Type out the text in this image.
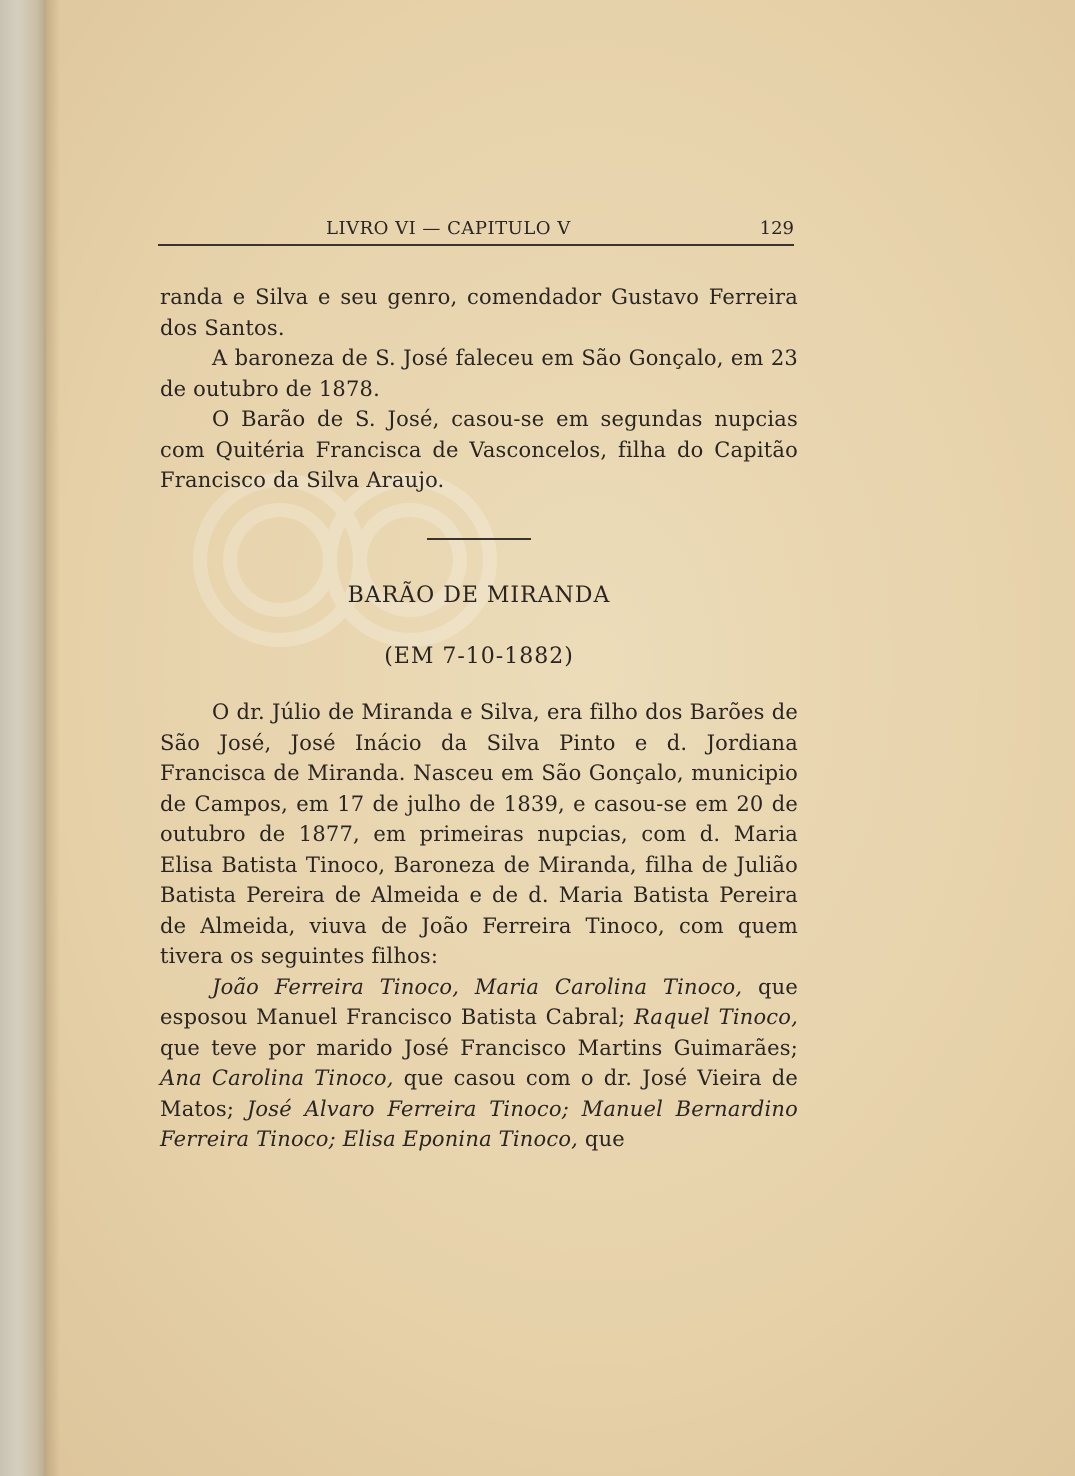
LIVRO VI — CAPITULO V	129

randa e Silva e seu genro, comendador Gustavo Ferreira dos Santos.

A baroneza de S. José faleceu em São Gonçalo, em 23 de outubro de 1878.

O Barão de S. José, casou-se em segundas nupcias com Quitéria Francisca de Vasconcelos, filha do Capitão Francisco da Silva Araujo.

BARÃO DE MIRANDA
(EM 7-10-1882)

O dr. Júlio de Miranda e Silva, era filho dos Barões de São José, José Inácio da Silva Pinto e d. Jordiana Francisca de Miranda. Nasceu em São Gonçalo, municipio de Campos, em 17 de julho de 1839, e casou-se em 20 de outubro de 1877, em primeiras nupcias, com d. Maria Elisa Batista Tinoco, Baroneza de Miranda, filha de Julião Batista Pereira de Almeida e de d. Maria Batista Pereira de Almeida, viuva de João Ferreira Tinoco, com quem tivera os seguintes filhos:

João Ferreira Tinoco, Maria Carolina Tinoco, que esposou Manuel Francisco Batista Cabral; Raquel Tinoco, que teve por marido José Francisco Martins Guimarães; Ana Carolina Tinoco, que casou com o dr. José Vieira de Matos; José Alvaro Ferreira Tinoco; Manuel Bernardino Ferreira Tinoco; Elisa Eponina Tinoco, que
